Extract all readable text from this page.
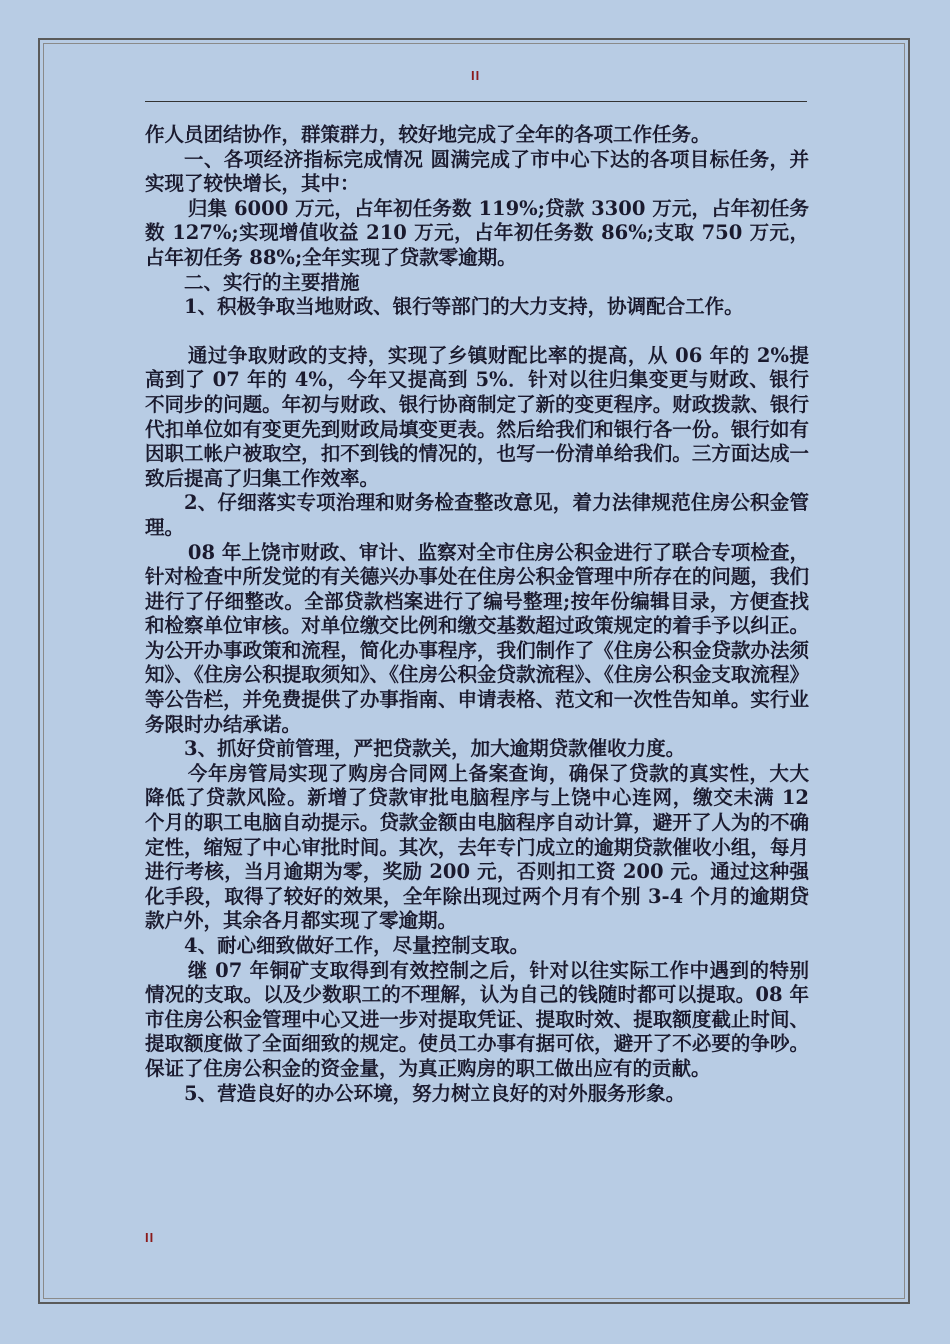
II

作人员团结协作，群策群力，较好地完成了全年的各项工作任务。

一、各项经济指标完成情况 圆满完成了市中心下达的各项目标任务，并实现了较快增长，其中：

归集 6000 万元，占年初任务数 119%;贷款 3300 万元，占年初任务数 127%;实现增值收益 210 万元，占年初任务数 86%;支取 750 万元，占年初任务 88%;全年实现了贷款零逾期。

二、实行的主要措施

1、积极争取当地财政、银行等部门的大力支持，协调配合工作。

通过争取财政的支持，实现了乡镇财配比率的提高，从 06 年的 2%提高到了 07 年的 4%，今年又提高到 5%．针对以往归集变更与财政、银行不同步的问题。年初与财政、银行协商制定了新的变更程序。财政拨款、银行代扣单位如有变更先到财政局填变更表。然后给我们和银行各一份。银行如有因职工帐户被取空，扣不到钱的情况的，也写一份清单给我们。三方面达成一致后提高了归集工作效率。

2、仔细落实专项治理和财务检查整改意见，着力法律规范住房公积金管理。

08 年上饶市财政、审计、监察对全市住房公积金进行了联合专项检查，针对检查中所发觉的有关德兴办事处在住房公积金管理中所存在的问题，我们进行了仔细整改。全部贷款档案进行了编号整理;按年份编辑目录，方便查找和检察单位审核。对单位缴交比例和缴交基数超过政策规定的着手予以纠正。为公开办事政策和流程，简化办事程序，我们制作了《住房公积金贷款办法须知》、《住房公积提取须知》、《住房公积金贷款流程》、《住房公积金支取流程》等公告栏，并免费提供了办事指南、申请表格、范文和一次性告知单。实行业务限时办结承诺。

3、抓好贷前管理，严把贷款关，加大逾期贷款催收力度。

今年房管局实现了购房合同网上备案查询，确保了贷款的真实性，大大降低了贷款风险。新增了贷款审批电脑程序与上饶中心连网，缴交未满 12 个月的职工电脑自动提示。贷款金额由电脑程序自动计算，避开了人为的不确定性，缩短了中心审批时间。其次，去年专门成立的逾期贷款催收小组，每月进行考核，当月逾期为零，奖励 200 元，否则扣工资 200 元。通过这种强化手段，取得了较好的效果，全年除出现过两个月有个别 3-4 个月的逾期贷款户外，其余各月都实现了零逾期。

4、耐心细致做好工作，尽量控制支取。

继 07 年铜矿支取得到有效控制之后，针对以往实际工作中遇到的特别情况的支取。以及少数职工的不理解，认为自己的钱随时都可以提取。08 年市住房公积金管理中心又进一步对提取凭证、提取时效、提取额度截止时间、提取额度做了全面细致的规定。使员工办事有据可依，避开了不必要的争吵。保证了住房公积金的资金量，为真正购房的职工做出应有的贡献。

5、营造良好的办公环境，努力树立良好的对外服务形象。

II
